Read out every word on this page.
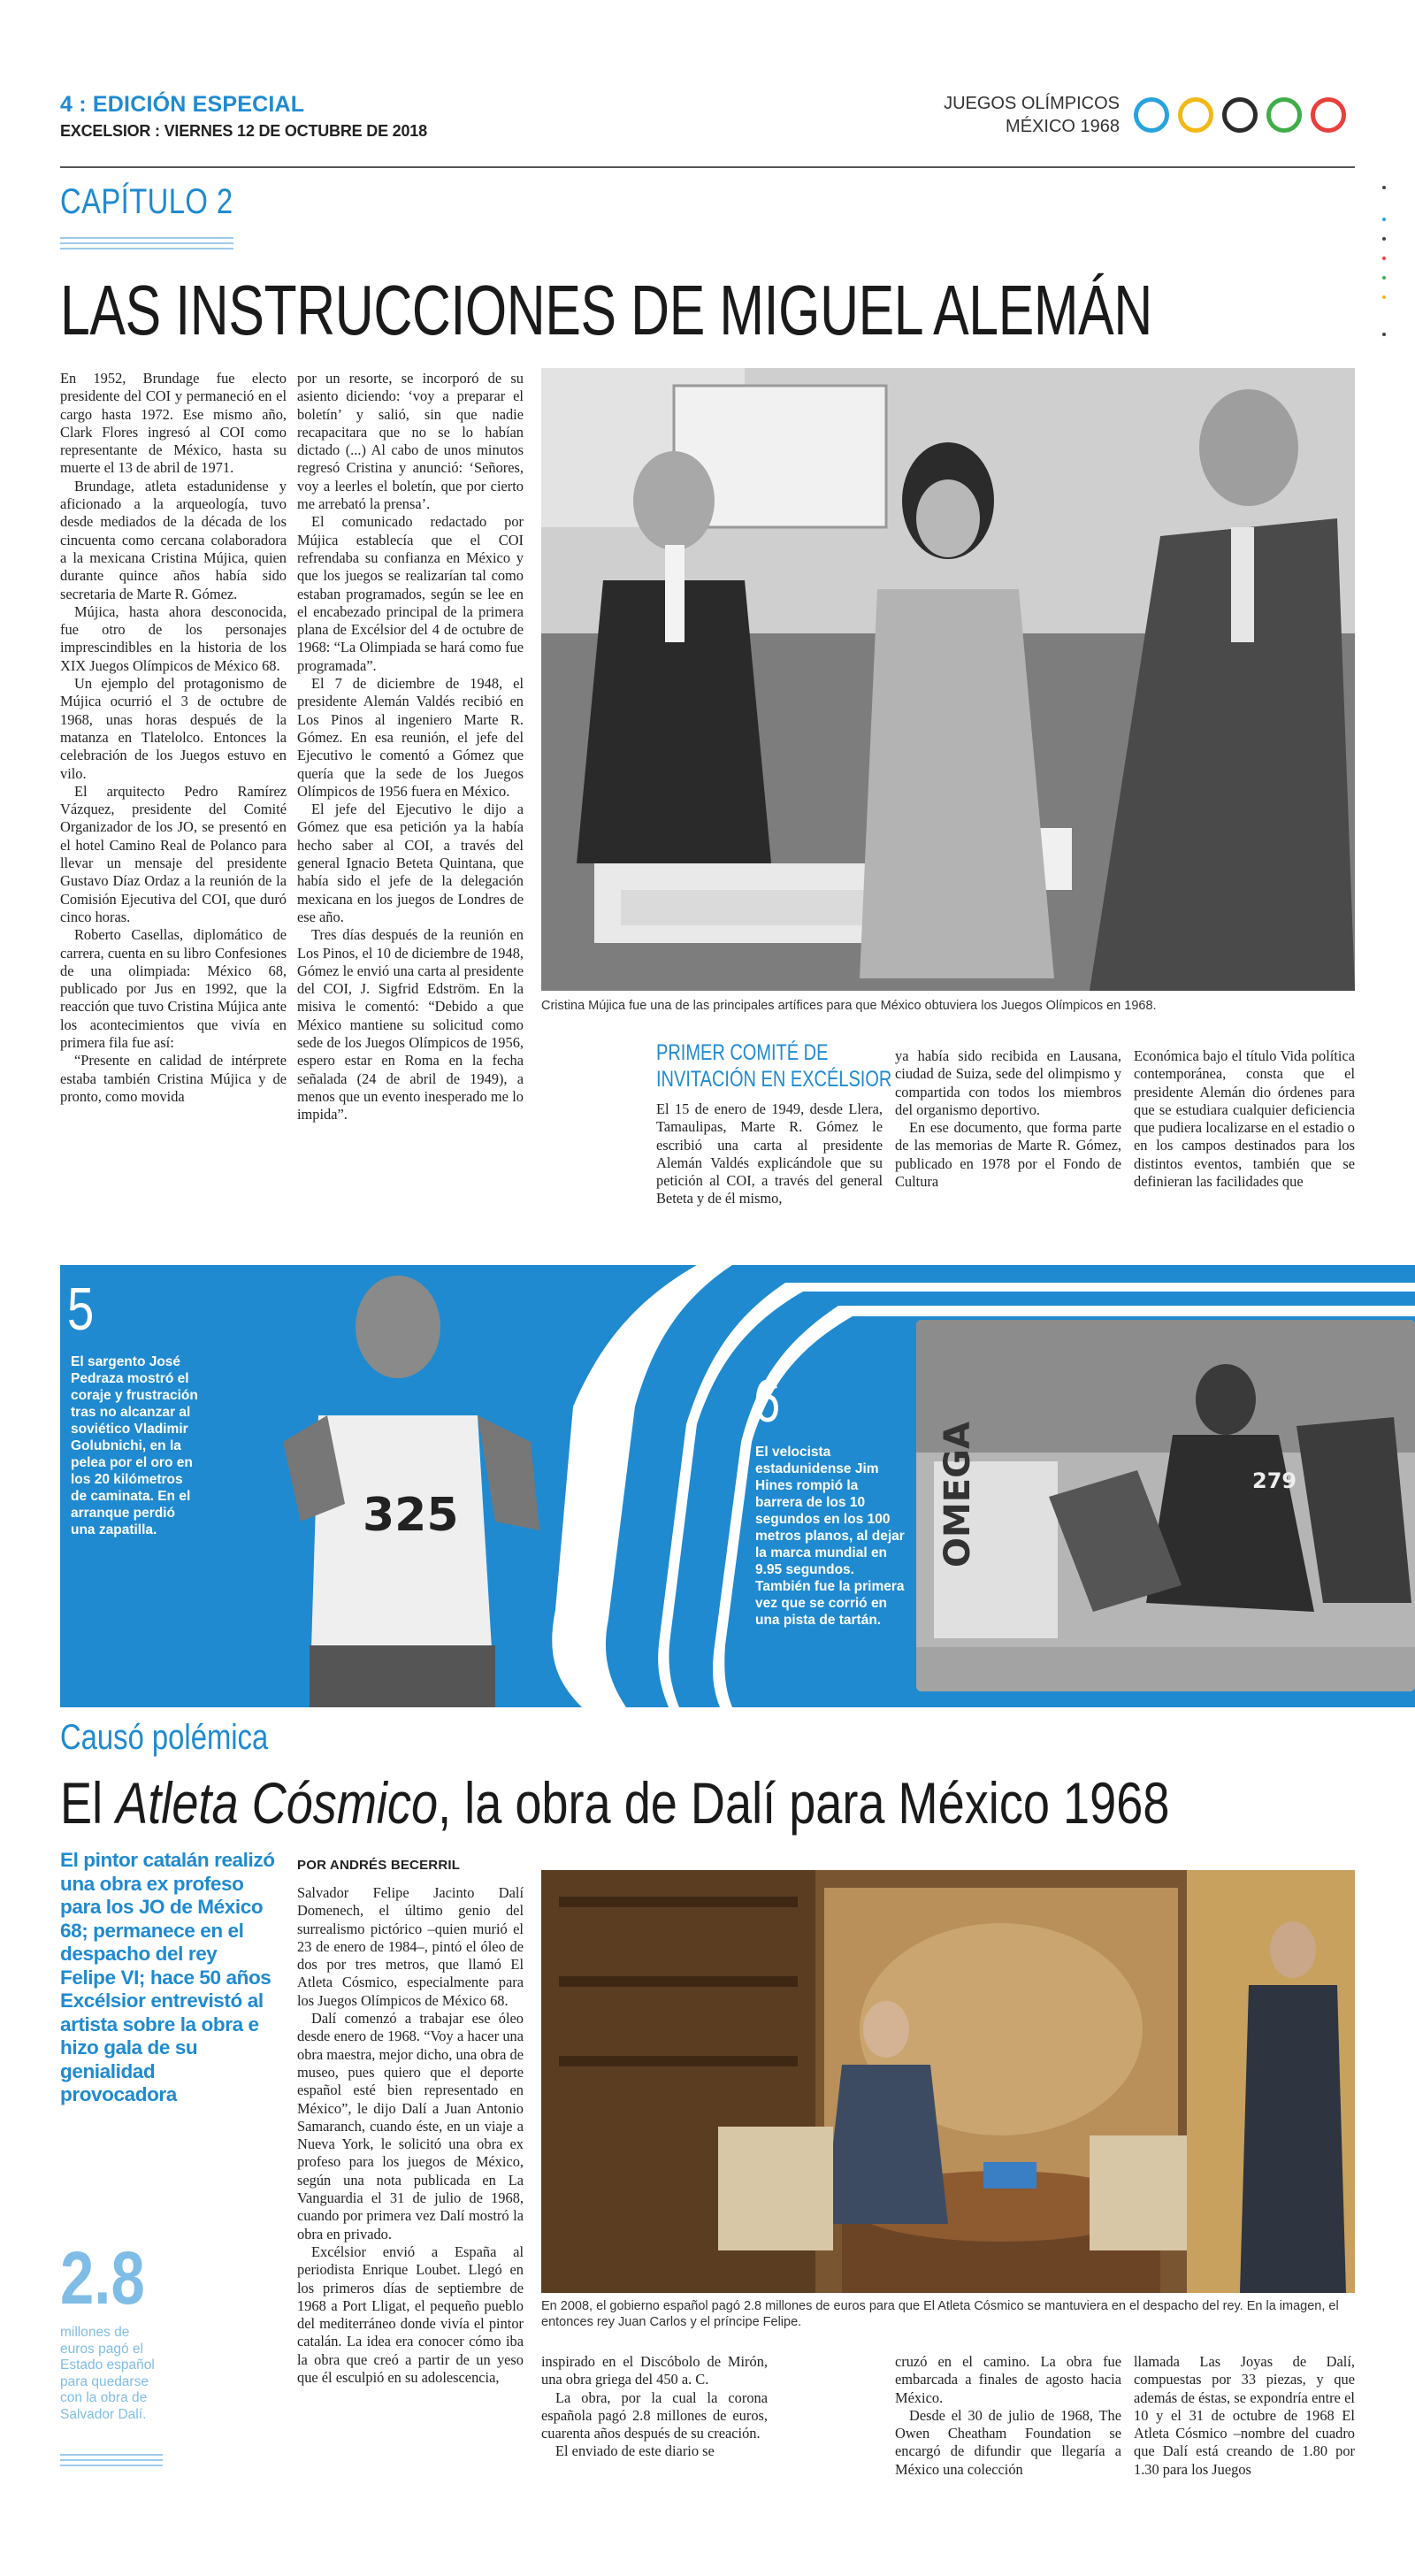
4 : EDICIÓN ESPECIAL
EXCELSIOR : VIERNES 12 DE OCTUBRE DE 2018
JUEGOS OLÍMPICOS
MÉXICO 1968
CAPÍTULO 2
LAS INSTRUCCIONES DE MIGUEL ALEMÁN

En 1952, Brundage fue electo presidente del COI y permaneció en el cargo hasta 1972. Ese mismo año, Clark Flores ingresó al COI como representante de México, hasta su muerte el 13 de abril de 1971.

Brundage, atleta estadunidense y aficionado a la arqueología, tuvo desde mediados de la década de los cincuenta como cercana colaboradora a la mexicana Cristina Mújica, quien durante quince años había sido secretaria de Marte R. Gómez.

Mújica, hasta ahora desconocida, fue otro de los personajes imprescindibles en la historia de los XIX Juegos Olímpicos de México 68.

Un ejemplo del protagonismo de Mújica ocurrió el 3 de octubre de 1968, unas horas después de la matanza en Tlatelolco. Entonces la celebración de los Juegos estuvo en vilo.

El arquitecto Pedro Ramírez Vázquez, presidente del Comité Organizador de los JO, se presentó en el hotel Camino Real de Polanco para llevar un mensaje del presidente Gustavo Díaz Ordaz a la reunión de la Comisión Ejecutiva del COI, que duró cinco horas.

Roberto Casellas, diplomático de carrera, cuenta en su libro Confesiones de una olimpiada: México 68, publicado por Jus en 1992, que la reacción que tuvo Cristina Mújica ante los acontecimientos que vivía en primera fila fue así:

“Presente en calidad de intérprete estaba también Cristina Mújica y de pronto, como movida

por un resorte, se incorporó de su asiento diciendo: ‘voy a preparar el boletín’ y salió, sin que nadie recapacitara que no se lo habían dictado (...) Al cabo de unos minutos regresó Cristina y anunció: ‘Señores, voy a leerles el boletín, que por cierto me arrebató la prensa’.

El comunicado redactado por Mújica establecía que el COI refrendaba su confianza en México y que los juegos se realizarían tal como estaban programados, según se lee en el encabezado principal de la primera plana de Excélsior del 4 de octubre de 1968: “La Olimpiada se hará como fue programada”.

El 7 de diciembre de 1948, el presidente Alemán Valdés recibió en Los Pinos al ingeniero Marte R. Gómez. En esa reunión, el jefe del Ejecutivo le comentó a Gómez que quería que la sede de los Juegos Olímpicos de 1956 fuera en México.

El jefe del Ejecutivo le dijo a Gómez que esa petición ya la había hecho saber al COI, a través del general Ignacio Beteta Quintana, que había sido el jefe de la delegación mexicana en los juegos de Londres de ese año.

Tres días después de la reunión en Los Pinos, el 10 de diciembre de 1948, Gómez le envió una carta al presidente del COI, J. Sigfrid Edström. En la misiva le comentó: “Debido a que México mantiene su solicitud como sede de los Juegos Olímpicos de 1956, espero estar en Roma en la fecha señalada (24 de abril de 1949), a menos que un evento inesperado me lo impida”.

Cristina Mújica fue una de las principales artífices para que México obtuviera los Juegos Olímpicos en 1968.
PRIMER COMITÉ DE
INVITACIÓN EN EXCÉLSIOR

El 15 de enero de 1949, desde Llera, Tamaulipas, Marte R. Gómez le escribió una carta al presidente Alemán Valdés explicándole que su petición al COI, a través del general Beteta y de él mismo,

ya había sido recibida en Lausana, ciudad de Suiza, sede del olimpismo y compartida con todos los miembros del organismo deportivo.

En ese documento, que forma parte de las memorias de Marte R. Gómez, publicado en 1978 por el Fondo de Cultura

Económica bajo el título Vida política contemporánea, consta que el presidente Alemán dio órdenes para que se estudiara cualquier deficiencia que pudiera localizarse en el estadio o en los campos destinados para los distintos eventos, también que se definieran las facilidades que

325	OMEGA	279
5
El sargento José Pedraza mostró el coraje y frustración tras no alcanzar al soviético Vladimir Golubnichi, en la pelea por el oro en los 20 kilómetros de caminata. En el arranque perdió una zapatilla.
6
El velocista estadunidense Jim Hines rompió la barrera de los 10 segundos en los 100 metros planos, al dejar la marca mundial en 9.95 segundos. También fue la primera vez que se corrió en una pista de tartán.
Causó polémica
El Atleta Cósmico, la obra de Dalí para México 1968
El pintor catalán realizó una obra ex profeso para los JO de México 68; permanece en el despacho del rey Felipe VI; hace 50 años Excélsior entrevistó al artista sobre la obra e hizo gala de su genialidad provocadora
2.8
millones de euros pagó el Estado español para quedarse con la obra de Salvador Dalí.
POR ANDRÉS BECERRIL

Salvador Felipe Jacinto Dalí Domenech, el último genio del surrealismo pictórico –quien murió el 23 de enero de 1984–, pintó el óleo de dos por tres metros, que llamó El Atleta Cósmico, especialmente para los Juegos Olímpicos de México 68.

Dalí comenzó a trabajar ese óleo desde enero de 1968. “Voy a hacer una obra maestra, mejor dicho, una obra de museo, pues quiero que el deporte español esté bien representado en México”, le dijo Dalí a Juan Antonio Samaranch, cuando éste, en un viaje a Nueva York, le solicitó una obra ex profeso para los juegos de México, según una nota publicada en La Vanguardia el 31 de julio de 1968, cuando por primera vez Dalí mostró la obra en privado.

Excélsior envió a España al periodista Enrique Loubet. Llegó en los primeros días de septiembre de 1968 a Port Lligat, el pequeño pueblo del mediterráneo donde vivía el pintor catalán. La idea era conocer cómo iba la obra que creó a partir de un yeso que él esculpió en su adolescencia,

En 2008, el gobierno español pagó 2.8 millones de euros para que El Atleta Cósmico se mantuviera en el despacho del rey. En la imagen, el entonces rey Juan Carlos y el príncipe Felipe.

inspirado en el Discóbolo de Mirón, una obra griega del 450 a. C.

La obra, por la cual la corona española pagó 2.8 millones de euros, cuarenta años después de su creación.

El enviado de este diario se

cruzó en el camino. La obra fue embarcada a finales de agosto hacia México.

Desde el 30 de julio de 1968, The Owen Cheatham Foundation se encargó de difundir que llegaría a México una colección

llamada Las Joyas de Dalí, compuestas por 33 piezas, y que además de éstas, se expondría entre el 10 y el 31 de octubre de 1968 El Atleta Cósmico –nombre del cuadro que Dalí está creando de 1.80 por 1.30 para los Juegos
